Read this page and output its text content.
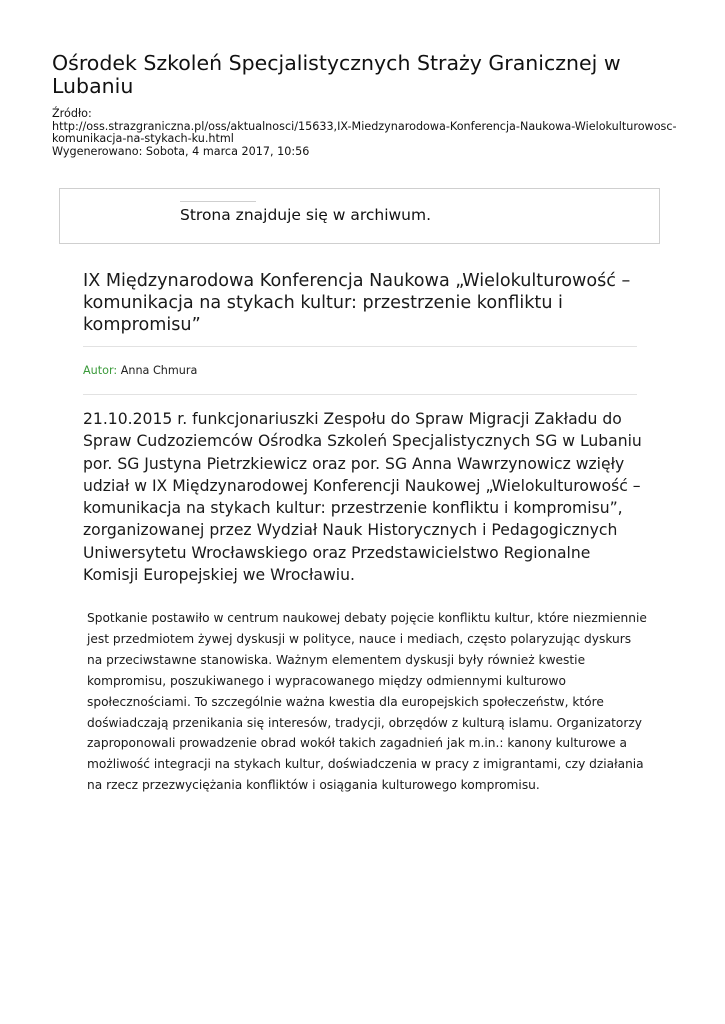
Ośrodek Szkoleń Specjalistycznych Straży Granicznej w Lubaniu
Źródło:
http://oss.strazgraniczna.pl/oss/aktualnosci/15633,IX-Miedzynarodowa-Konferencja-Naukowa-Wielokulturowosc-komunikacja-na-stykach-ku.html
Wygenerowano: Sobota, 4 marca 2017, 10:56
Strona znajduje się w archiwum.
IX Międzynarodowa Konferencja Naukowa „Wielokulturowość – komunikacja na stykach kultur: przestrzenie konfliktu i kompromisu”
Autor: Anna Chmura

21.10.2015 r. funkcjonariuszki Zespołu do Spraw Migracji Zakładu do Spraw Cudzoziemców Ośrodka Szkoleń Specjalistycznych SG w Lubaniu por. SG Justyna Pietrzkiewicz oraz por. SG Anna Wawrzynowicz wzięły udział w IX Międzynarodowej Konferencji Naukowej „Wielokulturowość – komunikacja na stykach kultur: przestrzenie konfliktu i kompromisu”, zorganizowanej przez Wydział Nauk Historycznych i Pedagogicznych Uniwersytetu Wrocławskiego oraz Przedstawicielstwo Regionalne Komisji Europejskiej we Wrocławiu.

Spotkanie postawiło w centrum naukowej debaty pojęcie konfliktu kultur, które niezmiennie jest przedmiotem żywej dyskusji w polityce, nauce i mediach, często polaryzując dyskurs na przeciwstawne stanowiska. Ważnym elementem dyskusji były również kwestie kompromisu, poszukiwanego i wypracowanego między odmiennymi kulturowo społecznościami. To szczególnie ważna kwestia dla europejskich społeczeństw, które doświadczają przenikania się interesów, tradycji, obrzędów z kulturą islamu. Organizatorzy zaproponowali prowadzenie obrad wokół takich zagadnień jak m.in.: kanony kulturowe a możliwość integracji na stykach kultur, doświadczenia w pracy z imigrantami, czy działania na rzecz przezwyciężania konfliktów i osiągania kulturowego kompromisu.
